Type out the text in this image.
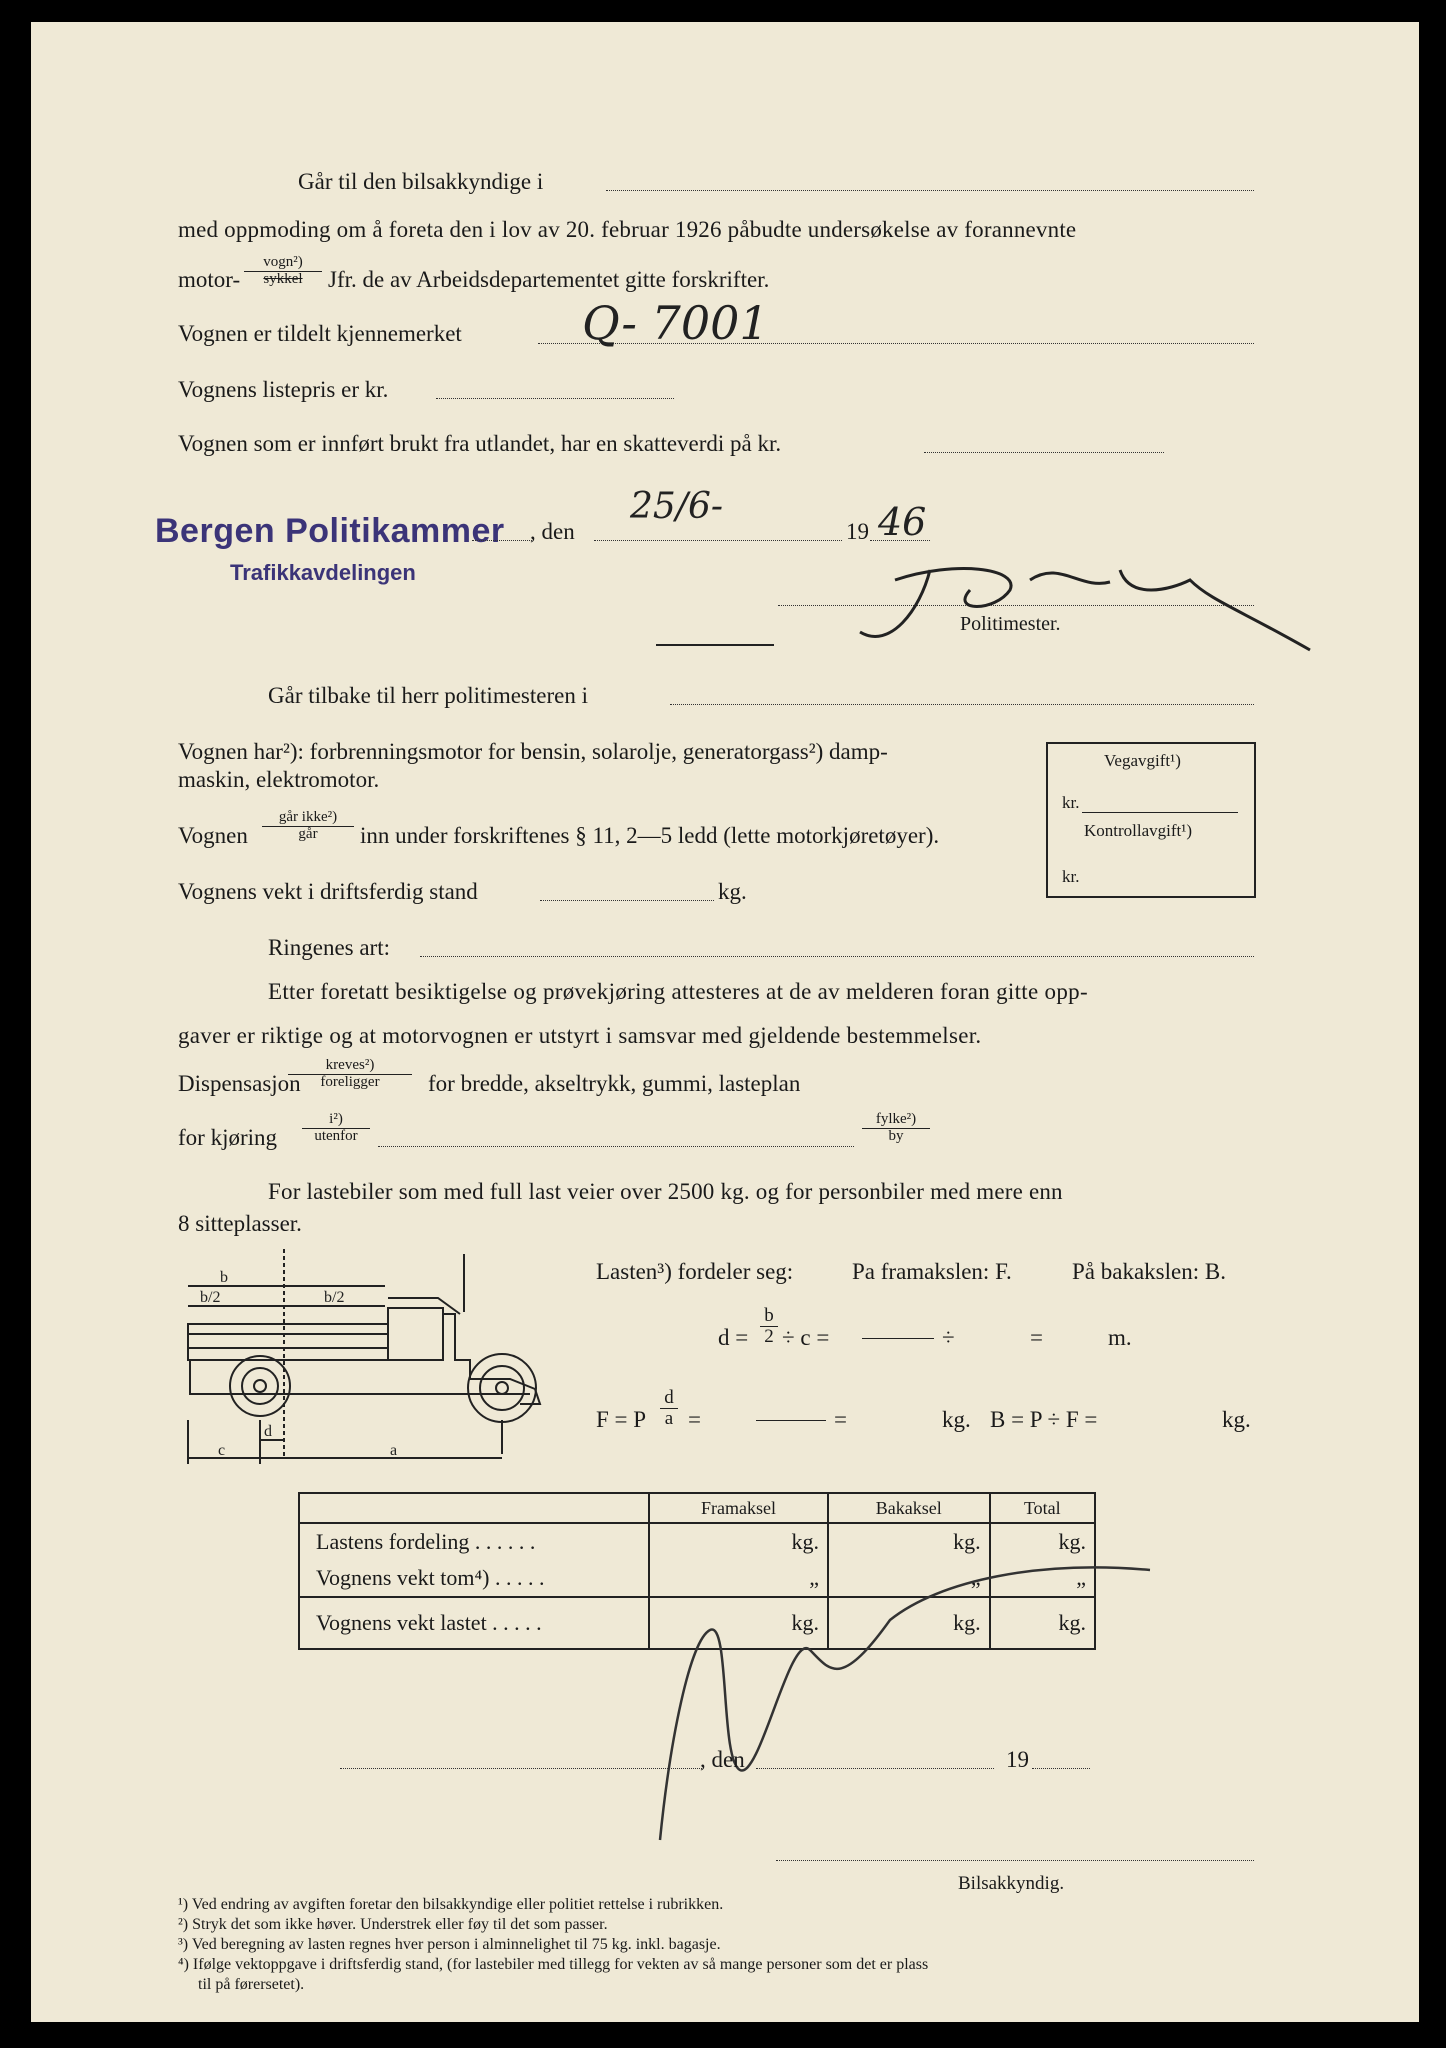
Går til den bilsakkyndige i
med oppmoding om å foreta den i lov av 20. februar 1926 påbudte undersøkelse av forannevnte
motor-
vogn²)
sykkel	Jfr. de av Arbeidsdepartementet gitte forskrifter.
Vognen er tildelt kjennemerket	Q- 7001
Vognens listepris er kr.
Vognen som er innført brukt fra utlandet, har en skatteverdi på kr.
Bergen Politikammer
Trafikkavdelingen
, den
25/6-
19 46
Politimester.
Går tilbake til herr politimesteren i
Vognen har²): forbrenningsmotor for bensin, solarolje, generatorgass²) damp-
maskin, elektromotor.
Vognen
går ikke²)
går	inn under forskriftenes § 11, 2—5 ledd (lette motorkjøretøyer).
Vognens vekt i driftsferdig stand	kg.
Vegavgift¹)
kr.
Kontrollavgift¹)
kr.
Ringenes art:
Etter foretatt besiktigelse og prøvekjøring attesteres at de av melderen foran gitte opp-
gaver er riktige og at motorvognen er utstyrt i samsvar med gjeldende bestemmelser.
Dispensasjon
kreves²)
foreligger	for bredde, akseltrykk, gummi, lasteplan
for kjøring
i²)
utenfor
fylke²)
by
For lastebiler som med full last veier over 2500 kg. og for personbiler med mere enn
8 sitteplasser.
b
b/2	b/2
c
d
a
Lasten³) fordeler seg:	Pa framakslen: F.	På bakakslen: B.
$d = \frac{b}{2} \div c$ =	÷	=	m.
F = P $\frac{d}{a}$ =	=	kg. B = P ÷ F =	kg.
	Framaksel	Bakaksel	Total
Lastens fordeling . . . . . .	kg.	kg.	kg.
Vognens vekt tom⁴) . . . . .	„	„	„
Vognens vekt lastet . . . . .	kg.	kg.	kg.
, den	19
Bilsakkyndig.
¹) Ved endring av avgiften foretar den bilsakkyndige eller politiet rettelse i rubrikken.
²) Stryk det som ikke høver. Understrek eller føy til det som passer.
³) Ved beregning av lasten regnes hver person i alminnelighet til 75 kg. inkl. bagasje.
⁴) Ifølge vektoppgave i driftsferdig stand, (for lastebiler med tillegg for vekten av så mange personer som det er plass
til på førersetet).
